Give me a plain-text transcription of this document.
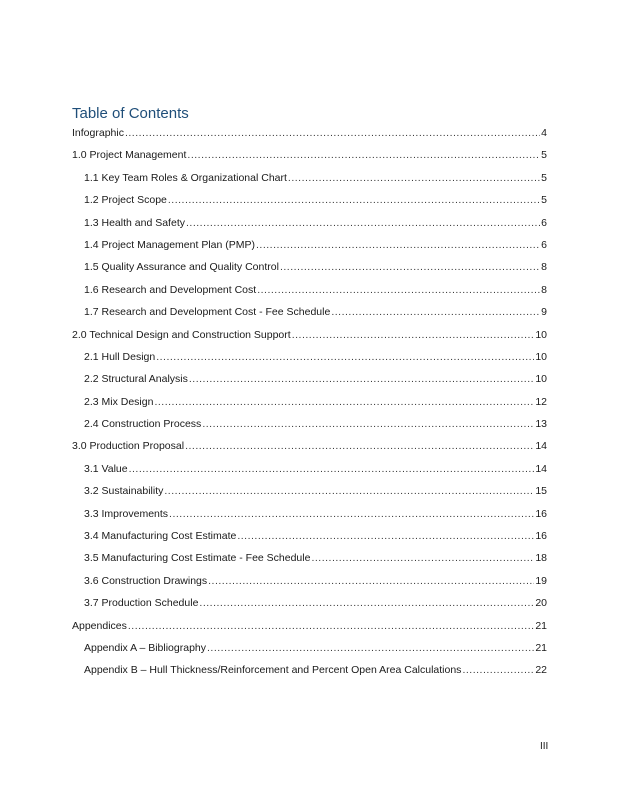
Table of Contents
Infographic .....	4
1.0 Project Management .....	5
1.1 Key Team Roles & Organizational Chart .....	5
1.2 Project Scope .....	5
1.3 Health and Safety .....	6
1.4 Project Management Plan (PMP) .....	6
1.5 Quality Assurance and Quality Control .....	8
1.6 Research and Development Cost .....	8
1.7 Research and Development Cost - Fee Schedule .....	9
2.0 Technical Design and Construction Support .....	10
2.1 Hull Design .....	10
2.2 Structural Analysis .....	10
2.3 Mix Design .....	12
2.4 Construction Process .....	13
3.0 Production Proposal .....	14
3.1 Value .....	14
3.2 Sustainability .....	15
3.3 Improvements .....	16
3.4 Manufacturing Cost Estimate .....	16
3.5 Manufacturing Cost Estimate - Fee Schedule .....	18
3.6 Construction Drawings .....	19
3.7 Production Schedule .....	20
Appendices .....	21
Appendix A – Bibliography .....	21
Appendix B – Hull Thickness/Reinforcement and Percent Open Area Calculations .....	22
III
